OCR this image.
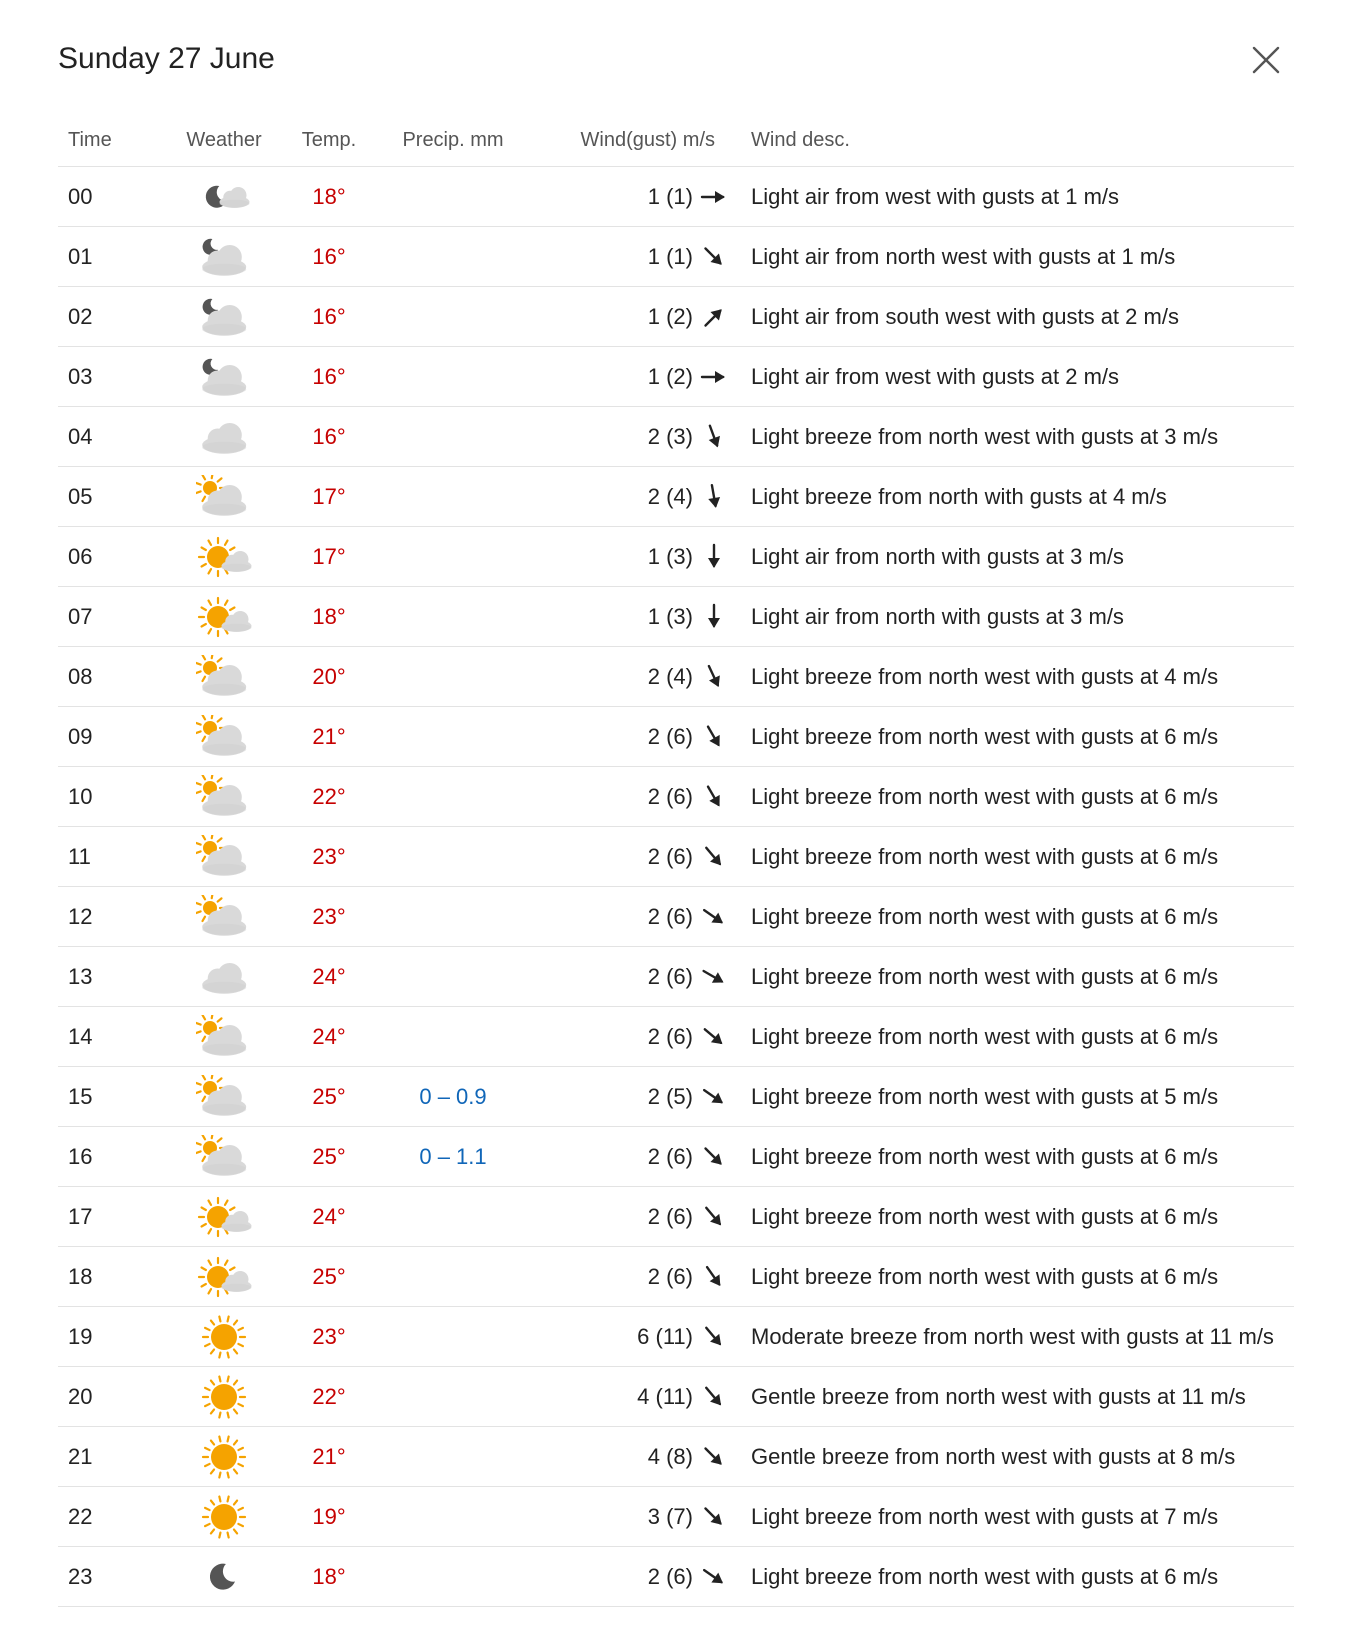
Sunday 27 June
Time	Weather	Temp.	Precip. mm	Wind(gust) m/s		Wind desc.
00		18°		1 (1)		Light air from west with gusts at 1 m/s
01		16°		1 (1)		Light air from north west with gusts at 1 m/s
02		16°		1 (2)		Light air from south west with gusts at 2 m/s
03		16°		1 (2)		Light air from west with gusts at 2 m/s
04		16°		2 (3)		Light breeze from north west with gusts at 3 m/s
05		17°		2 (4)		Light breeze from north with gusts at 4 m/s
06		17°		1 (3)		Light air from north with gusts at 3 m/s
07		18°		1 (3)		Light air from north with gusts at 3 m/s
08		20°		2 (4)		Light breeze from north west with gusts at 4 m/s
09		21°		2 (6)		Light breeze from north west with gusts at 6 m/s
10		22°		2 (6)		Light breeze from north west with gusts at 6 m/s
11		23°		2 (6)		Light breeze from north west with gusts at 6 m/s
12		23°		2 (6)		Light breeze from north west with gusts at 6 m/s
13		24°		2 (6)		Light breeze from north west with gusts at 6 m/s
14		24°		2 (6)		Light breeze from north west with gusts at 6 m/s
15		25°	0 – 0.9	2 (5)		Light breeze from north west with gusts at 5 m/s
16		25°	0 – 1.1	2 (6)		Light breeze from north west with gusts at 6 m/s
17		24°		2 (6)		Light breeze from north west with gusts at 6 m/s
18		25°		2 (6)		Light breeze from north west with gusts at 6 m/s
19		23°		6 (11)		Moderate breeze from north west with gusts at 11 m/s
20		22°		4 (11)		Gentle breeze from north west with gusts at 11 m/s
21		21°		4 (8)		Gentle breeze from north west with gusts at 8 m/s
22		19°		3 (7)		Light breeze from north west with gusts at 7 m/s
23		18°		2 (6)		Light breeze from north west with gusts at 6 m/s
